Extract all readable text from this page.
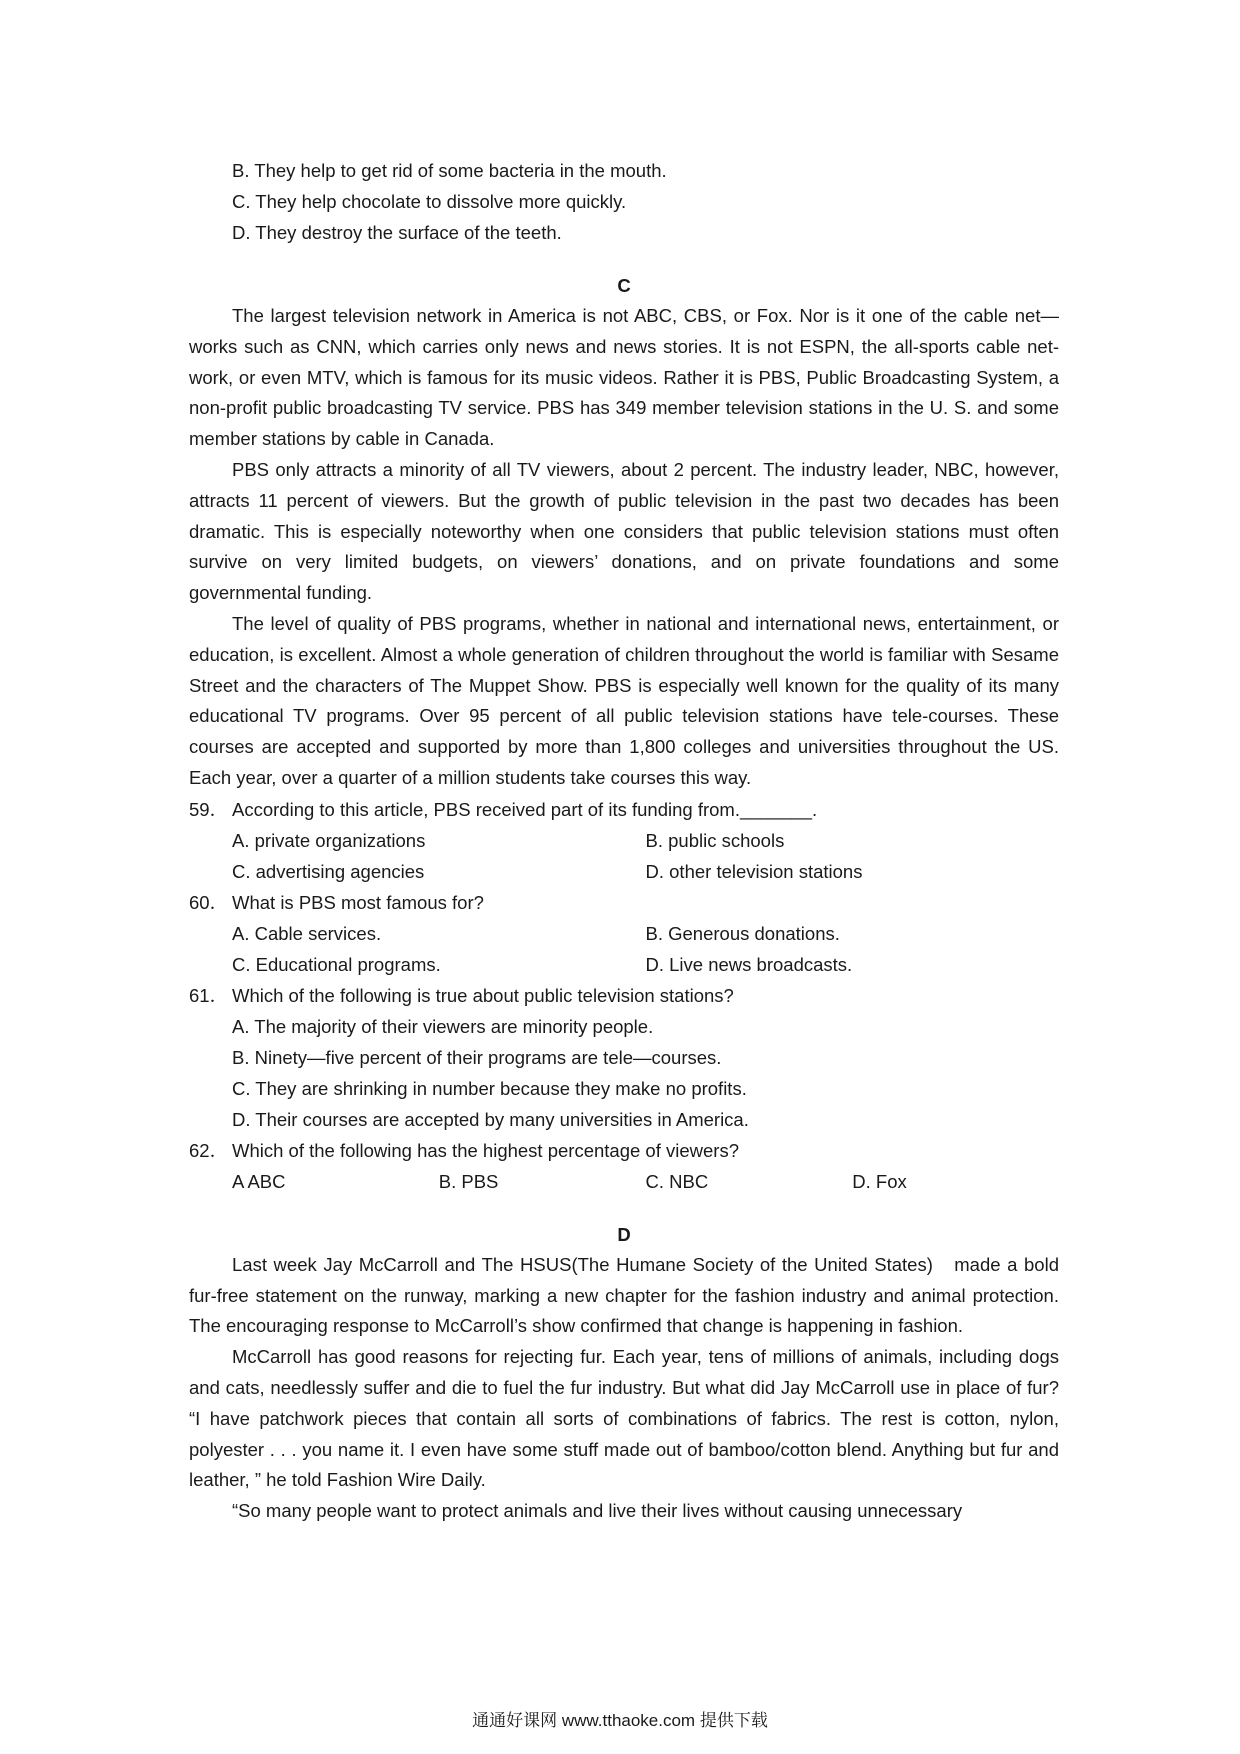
B. They help to get rid of some bacteria in the mouth.
C. They help chocolate to dissolve more quickly.
D. They destroy the surface of the teeth.
C

The largest television network in America is not ABC, CBS, or Fox. Nor is it one of the cable net—works such as CNN, which carries only news and news stories. It is not ESPN, the all-sports cable net-work, or even MTV, which is famous for its music videos. Rather it is PBS, Public Broadcasting System, a non-profit public broadcasting TV service. PBS has 349 member television stations in the U. S. and some member stations by cable in Canada.

PBS only attracts a minority of all TV viewers, about 2 percent. The industry leader, NBC, however, attracts 11 percent of viewers. But the growth of public television in the past two decades has been dramatic. This is especially noteworthy when one considers that public television stations must often survive on very limited budgets, on viewers’ donations, and on private foundations and some governmental funding.

The level of quality of PBS programs, whether in national and international news, entertainment, or education, is excellent. Almost a whole generation of children throughout the world is familiar with Sesame Street and the characters of The Muppet Show. PBS is especially well known for the quality of its many educational TV programs. Over 95 percent of all public television stations have tele-courses. These courses are accepted and supported by more than 1,800 colleges and universities throughout the US. Each year, over a quarter of a million students take courses this way.

59． According to this article, PBS received part of its funding from._______.
A. private organizations	B. public schools
C. advertising agencies	D. other television stations
60． What is PBS most famous for?
A. Cable services.	B. Generous donations.
C. Educational programs.	D. Live news broadcasts.
61． Which of the following is true about public television stations?
A. The majority of their viewers are minority people.
B. Ninety—five percent of their programs are tele—courses.
C. They are shrinking in number because they make no profits.
D. Their courses are accepted by many universities in America.
62． Which of the following has the highest percentage of viewers?
A ABC	B. PBS	C. NBC	D. Fox
D

Last week Jay McCarroll and The HSUS(The Humane Society of the United States)　made a bold fur-free statement on the runway, marking a new chapter for the fashion industry and animal protection. The encouraging response to McCarroll’s show confirmed that change is happening in fashion.

McCarroll has good reasons for rejecting fur. Each year, tens of millions of animals, including dogs and cats, needlessly suffer and die to fuel the fur industry. But what did Jay McCarroll use in place of fur? “I have patchwork pieces that contain all sorts of combinations of fabrics. The rest is cotton, nylon, polyester . . . you name it. I even have some stuff made out of bamboo/cotton blend. Anything but fur and leather, ” he told Fashion Wire Daily.

“So many people want to protect animals and live their lives without causing unnecessary

通通好课网 www.tthaoke.com 提供下载
